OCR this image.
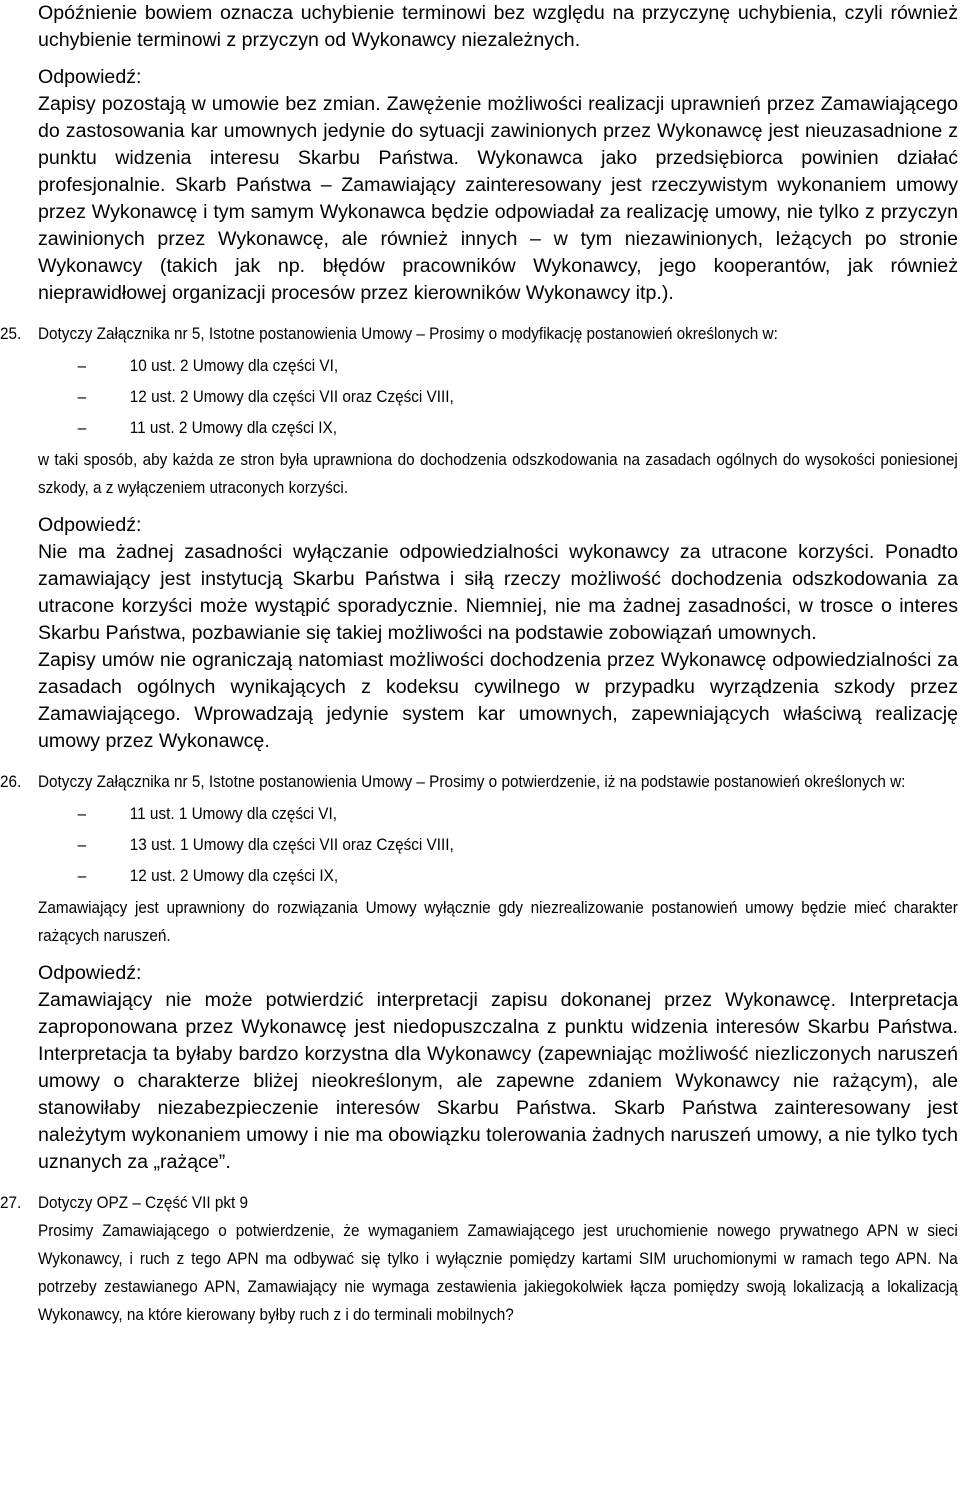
Opóźnienie bowiem oznacza uchybienie terminowi bez względu na przyczynę uchybienia, czyli również uchybienie terminowi z przyczyn od Wykonawcy niezależnych.

Odpowiedź:

Zapisy pozostają w umowie bez zmian. Zawężenie możliwości realizacji uprawnień przez Zamawiającego do zastosowania kar umownych jedynie do sytuacji zawinionych przez Wykonawcę jest nieuzasadnione z punktu widzenia interesu Skarbu Państwa. Wykonawca jako przedsiębiorca powinien działać profesjonalnie. Skarb Państwa – Zamawiający zainteresowany jest rzeczywistym wykonaniem umowy przez Wykonawcę i tym samym Wykonawca będzie odpowiadał za realizację umowy, nie tylko z przyczyn zawinionych przez Wykonawcę, ale również innych – w tym niezawinionych, leżących po stronie Wykonawcy (takich jak np. błędów pracowników Wykonawcy, jego kooperantów, jak również nieprawidłowej organizacji procesów przez kierowników Wykonawcy itp.).

25. Dotyczy Załącznika nr 5, Istotne postanowienia Umowy – Prosimy o modyfikację postanowień określonych w:

–	10 ust. 2 Umowy dla części VI,
–	12 ust. 2 Umowy dla części VII oraz Części VIII,
–	11 ust. 2 Umowy dla części IX,

w taki sposób, aby każda ze stron była uprawniona do dochodzenia odszkodowania na zasadach ogólnych do wysokości poniesionej szkody, a z wyłączeniem utraconych korzyści.

Odpowiedź:

Nie ma żadnej zasadności wyłączanie odpowiedzialności wykonawcy za utracone korzyści. Ponadto zamawiający jest instytucją Skarbu Państwa i siłą rzeczy możliwość dochodzenia odszkodowania za utracone korzyści może wystąpić sporadycznie. Niemniej, nie ma żadnej zasadności, w trosce o interes Skarbu Państwa, pozbawianie się takiej możliwości na podstawie zobowiązań umownych.

Zapisy umów nie ograniczają natomiast możliwości dochodzenia przez Wykonawcę odpowiedzialności za zasadach ogólnych wynikających z kodeksu cywilnego w przypadku wyrządzenia szkody przez Zamawiającego. Wprowadzają jedynie system kar umownych, zapewniających właściwą realizację umowy przez Wykonawcę.

26. Dotyczy Załącznika nr 5, Istotne postanowienia Umowy – Prosimy o potwierdzenie, iż na podstawie postanowień określonych w:

–	11 ust. 1 Umowy dla części VI,
–	13 ust. 1 Umowy dla części VII oraz Części VIII,
–	12 ust. 2 Umowy dla części IX,

Zamawiający jest uprawniony do rozwiązania Umowy wyłącznie gdy niezrealizowanie postanowień umowy będzie mieć charakter rażących naruszeń.

Odpowiedź:

Zamawiający nie może potwierdzić interpretacji zapisu dokonanej przez Wykonawcę. Interpretacja zaproponowana przez Wykonawcę jest niedopuszczalna z punktu widzenia interesów Skarbu Państwa. Interpretacja ta byłaby bardzo korzystna dla Wykonawcy (zapewniając możliwość niezliczonych naruszeń umowy o charakterze bliżej nieokreślonym, ale zapewne zdaniem Wykonawcy nie rażącym), ale stanowiłaby niezabezpieczenie interesów Skarbu Państwa. Skarb Państwa zainteresowany jest należytym wykonaniem umowy i nie ma obowiązku tolerowania żadnych naruszeń umowy, a nie tylko tych uznanych za „rażące”.

27. Dotyczy OPZ – Część VII pkt 9

Prosimy Zamawiającego o potwierdzenie, że wymaganiem Zamawiającego jest uruchomienie nowego prywatnego APN w sieci Wykonawcy, i ruch z tego APN ma odbywać się tylko i wyłącznie pomiędzy kartami SIM uruchomionymi w ramach tego APN. Na potrzeby zestawianego APN, Zamawiający nie wymaga zestawienia jakiegokolwiek łącza pomiędzy swoją lokalizacją a lokalizacją Wykonawcy, na które kierowany byłby ruch z i do terminali mobilnych?
